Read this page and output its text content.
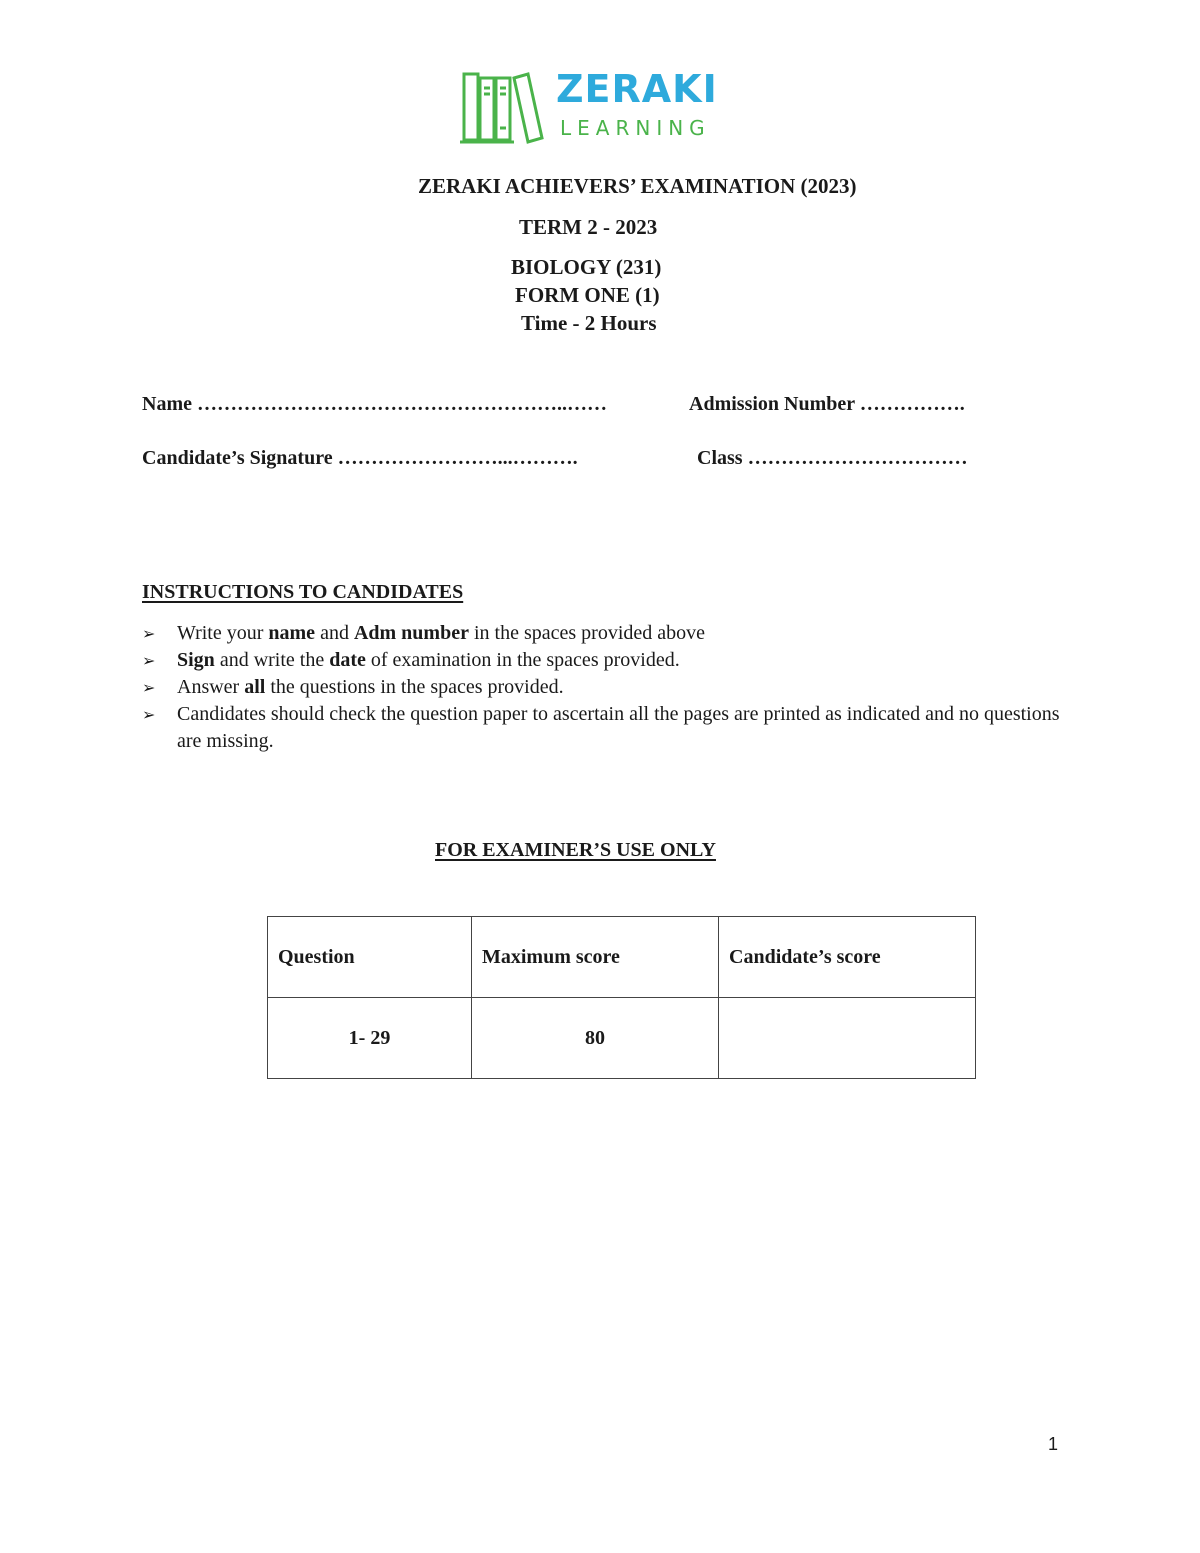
ZERAKI
LEARNING
ZERAKI ACHIEVERS’ EXAMINATION (2023)
TERM 2 - 2023
BIOLOGY (231)
FORM ONE (1)
Time - 2 Hours
Name ………………………………………………..……	Admission Number …………….
Candidate’s Signature ……………………...……….	Class ……………………………
INSTRUCTIONS TO CANDIDATES
➢ Write your name and Adm number in the spaces provided above
➢ Sign and write the date of examination in the spaces provided.
➢ Answer all the questions in the spaces provided.
➢ Candidates should check the question paper to ascertain all the pages are printed as indicated and no questions are missing.
FOR EXAMINER’S USE ONLY
Question	Maximum score	Candidate’s score
1- 29	80	
1
